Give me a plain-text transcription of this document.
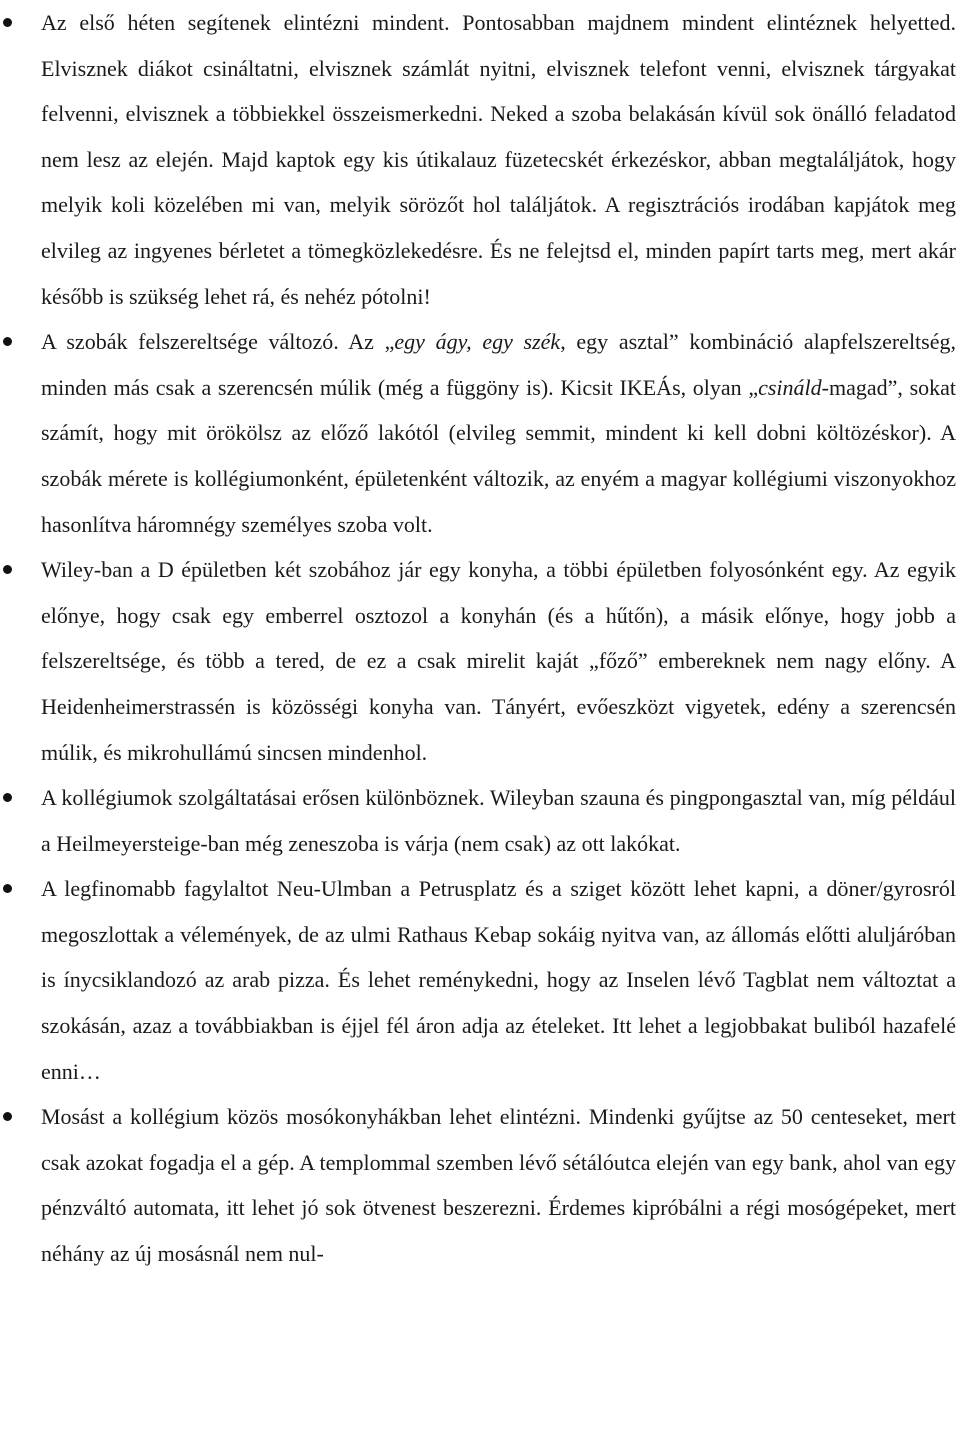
Az első héten segítenek elintézni mindent. Pontosabban majdnem mindent elintéznek helyetted. Elvisznek diákot csináltatni, elvisznek számlát nyitni, elvisznek telefont venni, elvisznek tárgyakat felvenni, elvisznek a többiekkel összeismerkedni. Neked a szoba belakásán kívül sok önálló feladatod nem lesz az elején. Majd kaptok egy kis útikalauz füzetecskét érkezéskor, abban megtaláljátok, hogy melyik koli közelében mi van, melyik sörözőt hol találjátok. A regisztrációs irodában kapjátok meg elvileg az ingyenes bérletet a tömegközlekedésre. És ne felejtsd el, minden papírt tarts meg, mert akár később is szükség lehet rá, és nehéz pótolni!
A szobák felszereltsége változó. Az „egy ágy, egy szék, egy asztal” kombináció alapfelszereltség, minden más csak a szerencsén múlik (még a függöny is). Kicsit IKEÁs, olyan „csináld-magad”, sokat számít, hogy mit örökölsz az előző lakótól (elvileg semmit, mindent ki kell dobni költözéskor). A szobák mérete is kollégiumonként, épületenként változik, az enyém a magyar kollégiumi viszonyokhoz hasonlítva háromnégy személyes szoba volt.
Wiley-ban a D épületben két szobához jár egy konyha, a többi épületben folyosónként egy. Az egyik előnye, hogy csak egy emberrel osztozol a konyhán (és a hűtőn), a másik előnye, hogy jobb a felszereltsége, és több a tered, de ez a csak mirelit kaját „főző” embereknek nem nagy előny. A Heidenheimerstrassén is közösségi konyha van. Tányért, evőeszközt vigyetek, edény a szerencsén múlik, és mikrohullámú sincsen mindenhol.
A kollégiumok szolgáltatásai erősen különböznek. Wileyban szauna és pingpongasztal van, míg például a Heilmeyersteige-ban még zeneszoba is várja (nem csak) az ott lakókat.
A legfinomabb fagylaltot Neu-Ulmban a Petrusplatz és a sziget között lehet kapni, a döner/gyrosról megoszlottak a vélemények, de az ulmi Rathaus Kebap sokáig nyitva van, az állomás előtti aluljáróban is ínycsiklandozó az arab pizza. És lehet reménykedni, hogy az Inselen lévő Tagblat nem változtat a szokásán, azaz a továbbiakban is éjjel fél áron adja az ételeket. Itt lehet a legjobbakat buliból hazafelé enni…
Mosást a kollégium közös mosókonyhákban lehet elintézni. Mindenki gyűjtse az 50 centeseket, mert csak azokat fogadja el a gép. A templommal szemben lévő sétálóutca elején van egy bank, ahol van egy pénzváltó automata, itt lehet jó sok ötvenest beszerezni. Érdemes kipróbálni a régi mosógépeket, mert néhány az új mosásnál nem nul-
